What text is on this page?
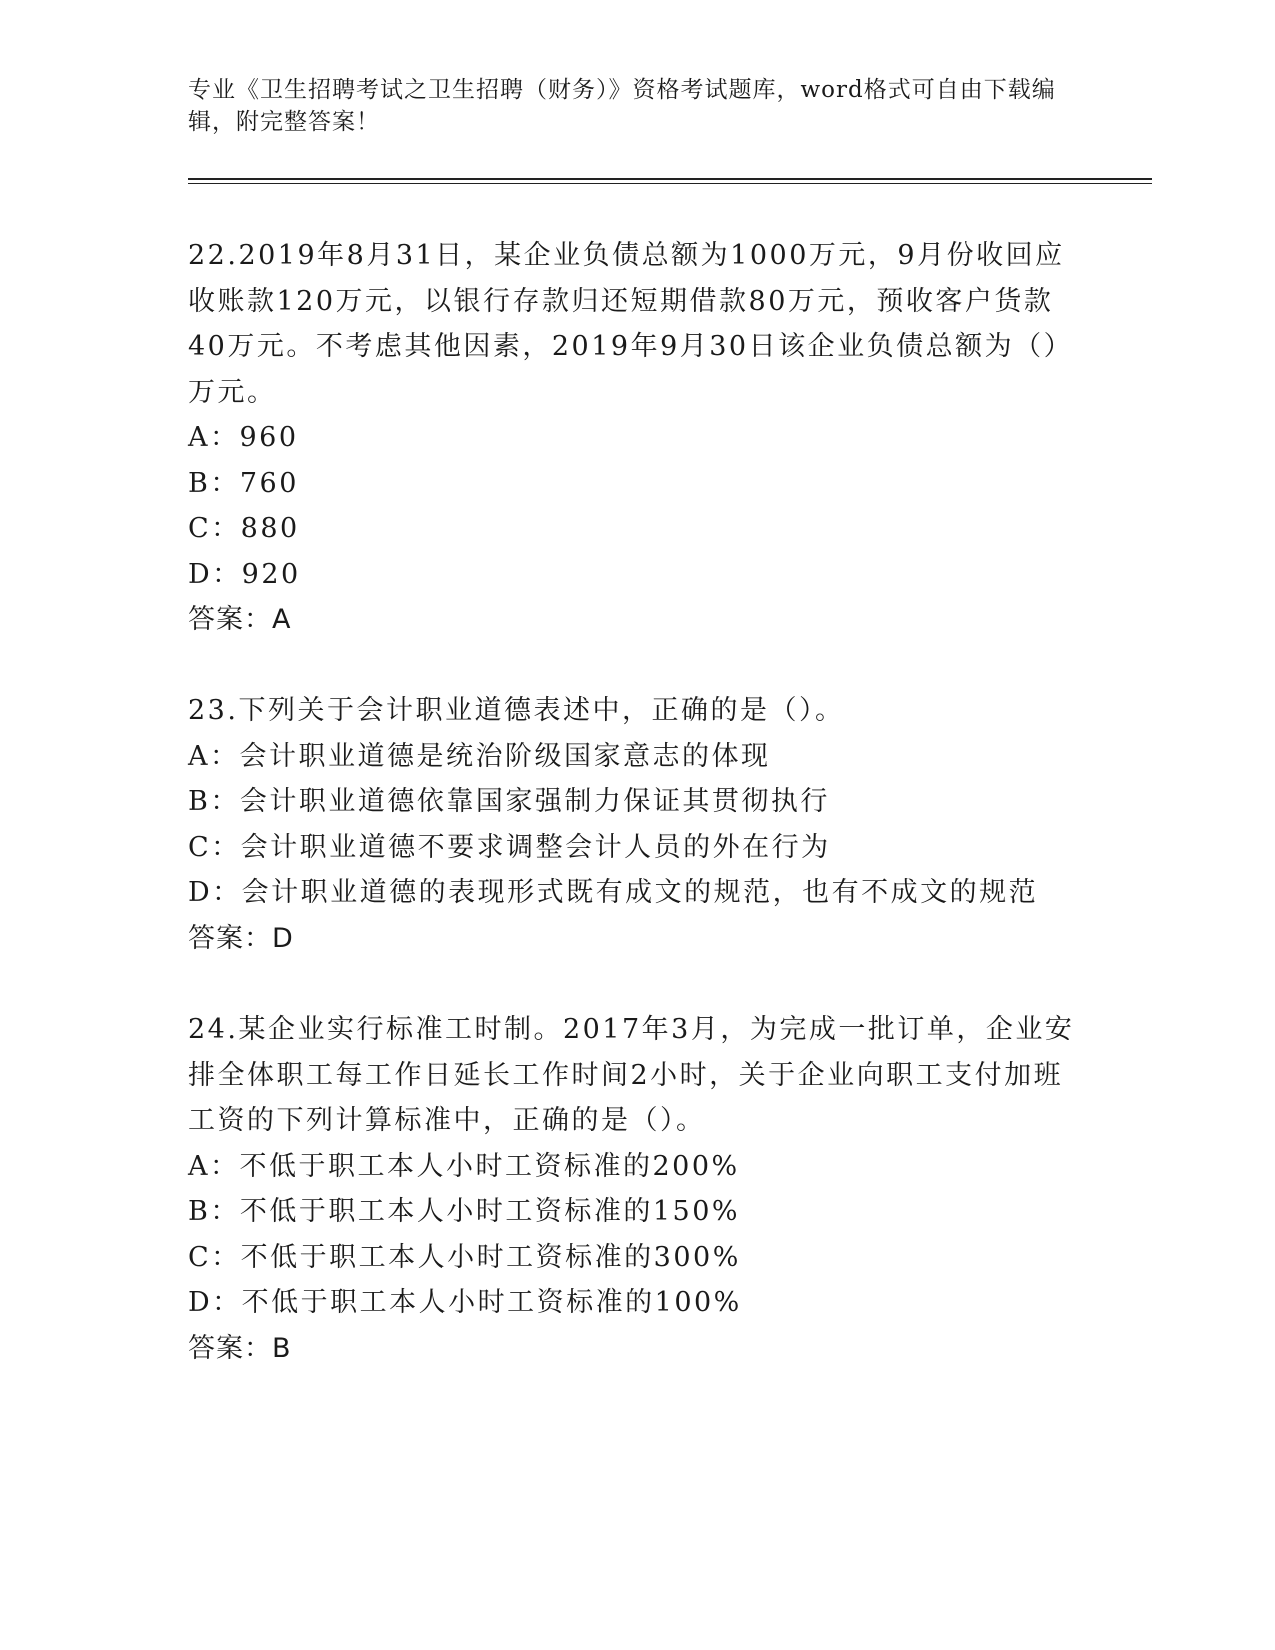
专业《卫生招聘考试之卫生招聘（财务）》资格考试题库，word格式可自由下载编辑，附完整答案！

22.2019年8月31日，某企业负债总额为1000万元，9月份收回应收账款120万元，以银行存款归还短期借款80万元，预收客户货款40万元。不考虑其他因素，2019年9月30日该企业负债总额为（）万元。

A：960

B：760

C：880

D：920

答案：A

23.下列关于会计职业道德表述中，正确的是（）。

A：会计职业道德是统治阶级国家意志的体现

B：会计职业道德依靠国家强制力保证其贯彻执行

C：会计职业道德不要求调整会计人员的外在行为

D：会计职业道德的表现形式既有成文的规范，也有不成文的规范

答案：D

24.某企业实行标准工时制。2017年3月，为完成一批订单，企业安排全体职工每工作日延长工作时间2小时，关于企业向职工支付加班工资的下列计算标准中，正确的是（）。

A：不低于职工本人小时工资标准的200%

B：不低于职工本人小时工资标准的150%

C：不低于职工本人小时工资标准的300%

D：不低于职工本人小时工资标准的100%

答案：B
